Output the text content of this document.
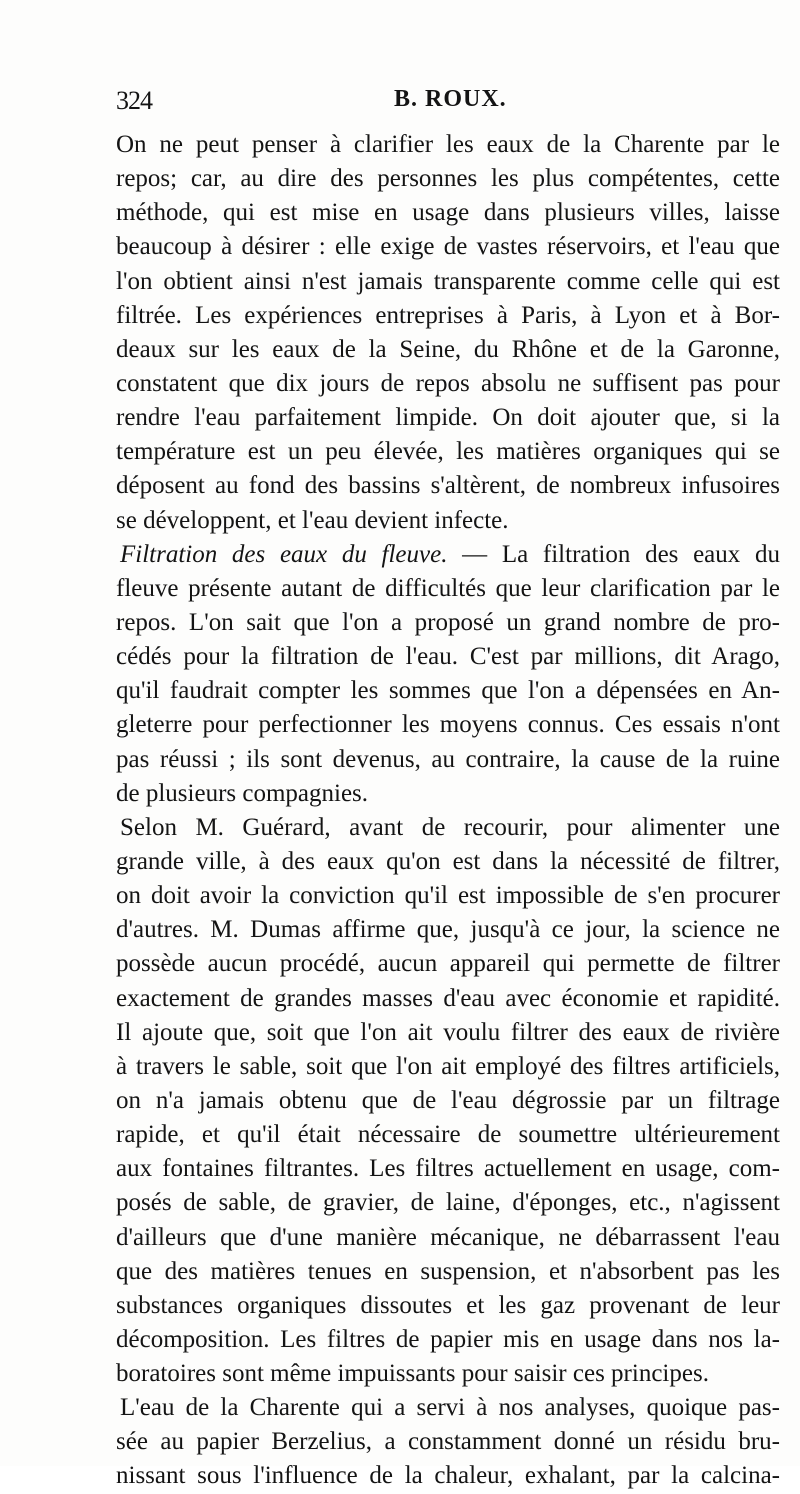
324	B. ROUX.
On ne peut penser à clarifier les eaux de la Charente par le
repos; car, au dire des personnes les plus compétentes, cette
méthode, qui est mise en usage dans plusieurs villes, laisse
beaucoup à désirer : elle exige de vastes réservoirs, et l'eau que
l'on obtient ainsi n'est jamais transparente comme celle qui est
filtrée. Les expériences entreprises à Paris, à Lyon et à Bor-
deaux sur les eaux de la Seine, du Rhône et de la Garonne,
constatent que dix jours de repos absolu ne suffisent pas pour
rendre l'eau parfaitement limpide. On doit ajouter que, si la
température est un peu élevée, les matières organiques qui se
déposent au fond des bassins s'altèrent, de nombreux infusoires
se développent, et l'eau devient infecte.
Filtration des eaux du fleuve. — La filtration des eaux du
fleuve présente autant de difficultés que leur clarification par le
repos. L'on sait que l'on a proposé un grand nombre de pro-
cédés pour la filtration de l'eau. C'est par millions, dit Arago,
qu'il faudrait compter les sommes que l'on a dépensées en An-
gleterre pour perfectionner les moyens connus. Ces essais n'ont
pas réussi ; ils sont devenus, au contraire, la cause de la ruine
de plusieurs compagnies.
Selon M. Guérard, avant de recourir, pour alimenter une
grande ville, à des eaux qu'on est dans la nécessité de filtrer,
on doit avoir la conviction qu'il est impossible de s'en procurer
d'autres. M. Dumas affirme que, jusqu'à ce jour, la science ne
possède aucun procédé, aucun appareil qui permette de filtrer
exactement de grandes masses d'eau avec économie et rapidité.
Il ajoute que, soit que l'on ait voulu filtrer des eaux de rivière
à travers le sable, soit que l'on ait employé des filtres artificiels,
on n'a jamais obtenu que de l'eau dégrossie par un filtrage
rapide, et qu'il était nécessaire de soumettre ultérieurement
aux fontaines filtrantes. Les filtres actuellement en usage, com-
posés de sable, de gravier, de laine, d'éponges, etc., n'agissent
d'ailleurs que d'une manière mécanique, ne débarrassent l'eau
que des matières tenues en suspension, et n'absorbent pas les
substances organiques dissoutes et les gaz provenant de leur
décomposition. Les filtres de papier mis en usage dans nos la-
boratoires sont même impuissants pour saisir ces principes.
L'eau de la Charente qui a servi à nos analyses, quoique pas-
sée au papier Berzelius, a constamment donné un résidu bru-
nissant sous l'influence de la chaleur, exhalant, par la calcina-
